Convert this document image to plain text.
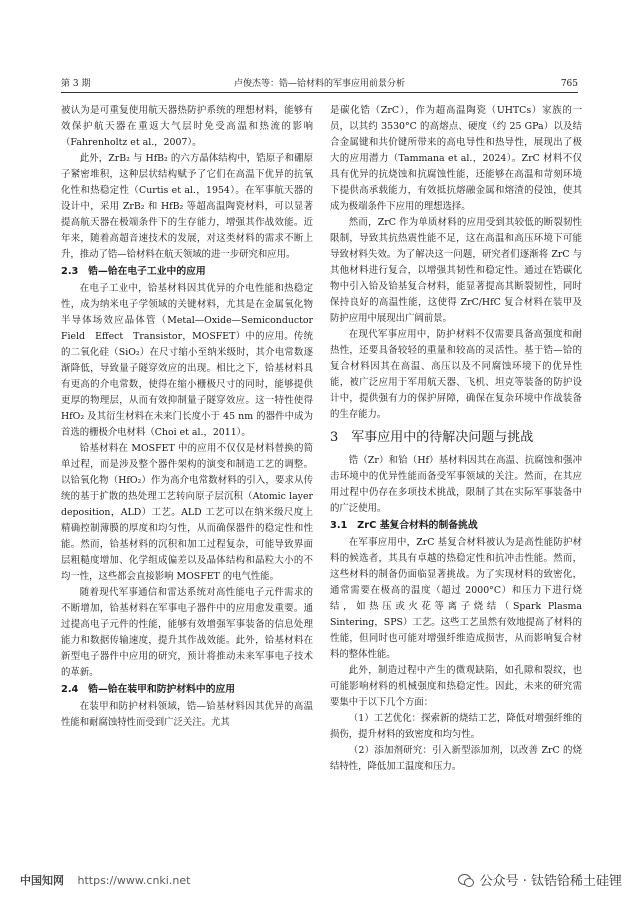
第 3 期	卢俊杰等：锆—铪材料的军事应用前景分析	765

被认为是可重复使用航天器热防护系统的理想材料，能够有效保护航天器在重返大气层时免受高温和热流的影响（Fahrenholtz et al.，2007）。

此外，ZrB₂ 与 HfB₂ 的六方晶体结构中，锆原子和硼原子紧密堆积，这种层状结构赋予了它们在高温下优异的抗氧化性和热稳定性（Curtis et al.，1954）。在军事航天器的设计中，采用 ZrB₂ 和 HfB₂ 等超高温陶瓷材料，可以显著提高航天器在极端条件下的生存能力，增强其作战效能。近年来，随着高超音速技术的发展，对这类材料的需求不断上升，推动了锆—铪材料在航天领域的进一步研究和应用。

2.3　锆—铪在电子工业中的应用

在电子工业中，铪基材料因其优异的介电性能和热稳定性，成为纳米电子学领域的关键材料，尤其是在金属氧化物半导体场效应晶体管（Metal—Oxide—Semiconductor　Field　Effect　Transistor，MOSFET）中的应用。传统的二氧化硅（SiO₂）在尺寸缩小至纳米级时，其介电常数逐渐降低，导致量子隧穿效应的出现。相比之下，铪基材料具有更高的介电常数，使得在缩小栅极尺寸的同时，能够提供更厚的物理层，从而有效抑制量子隧穿效应。这一特性使得 HfO₂ 及其衍生材料在未来门长度小于 45 nm 的器件中成为首选的栅极介电材料（Choi et al.，2011）。

铪基材料在 MOSFET 中的应用不仅仅是材料替换的简单过程，而是涉及整个器件架构的演变和制造工艺的调整。以铪氧化物（HfO₂）作为高介电常数材料的引入，要求从传统的基于扩散的热处理工艺转向原子层沉积（Atomic layer deposition，ALD）工艺。ALD 工艺可以在纳米级尺度上精确控制薄膜的厚度和均匀性，从而确保器件的稳定性和性能。然而，铪基材料的沉积和加工过程复杂，可能导致界面层粗糙度增加、化学组成偏差以及晶体结构和晶粒大小的不均一性，这些都会直接影响 MOSFET 的电气性能。

随着现代军事通信和雷达系统对高性能电子元件需求的不断增加，铪基材料在军事电子器件中的应用愈发重要。通过提高电子元件的性能，能够有效增强军事装备的信息处理能力和数据传输速度，提升其作战效能。此外，铪基材料在新型电子器件中应用的研究，预计将推动未来军事电子技术的革新。

2.4　锆—铪在装甲和防护材料中的应用

在装甲和防护材料领域，锆—铪基材料因其优异的高温性能和耐腐蚀特性而受到广泛关注。尤其

是碳化锆（ZrC），作为超高温陶瓷（UHTCs）家族的一员，以其约 3530°C 的高熔点、硬度（约 25 GPa）以及结合金属键和共价键所带来的高电导性和热导性，展现出了极大的应用潜力（Tammana et al.，2024）。ZrC 材料不仅具有优异的抗烧蚀和抗腐蚀性能，还能够在高温和苛刻环境下提供高承载能力，有效抵抗熔融金属和熔渣的侵蚀，使其成为极端条件下应用的理想选择。

然而，ZrC 作为单质材料的应用受到其较低的断裂韧性限制，导致其抗热震性能不足，这在高温和高压环境下可能导致材料失效。为了解决这一问题，研究者们逐渐将 ZrC 与其他材料进行复合，以增强其韧性和稳定性。通过在锆碳化物中引入铪及铪基复合材料，能显著提高其断裂韧性，同时保持良好的高温性能，这使得 ZrC/HfC 复合材料在装甲及防护应用中展现出广阔前景。

在现代军事应用中，防护材料不仅需要具备高强度和耐热性，还要具备较轻的重量和较高的灵活性。基于锆—铪的复合材料因其在高温、高压以及不同腐蚀环境下的优异性能，被广泛应用于军用航天器、飞机、坦克等装备的防护设计中，提供强有力的保护屏障，确保在复杂环境中作战装备的生存能力。

3　军事应用中的待解决问题与挑战

锆（Zr）和铪（Hf）基材料因其在高温、抗腐蚀和强冲击环境中的优异性能而备受军事领域的关注。然而，在其应用过程中仍存在多项技术挑战，限制了其在实际军事装备中的广泛使用。

3.1　ZrC 基复合材料的制备挑战

在军事应用中，ZrC 基复合材料被认为是高性能防护材料的候选者，其具有卓越的热稳定性和抗冲击性能。然而，这些材料的制备仍面临显著挑战。为了实现材料的致密化，通常需要在极高的温度（超过 2000°C）和压力下进行烧结，如热压或火花等离子烧结（Spark Plasma Sintering，SPS）工艺。这些工艺虽然有效地提高了材料的性能，但同时也可能对增强纤维造成损害，从而影响复合材料的整体性能。

此外，制造过程中产生的微观缺陷，如孔隙和裂纹，也可能影响材料的机械强度和热稳定性。因此，未来的研究需要集中于以下几个方面：

（1）工艺优化：探索新的烧结工艺，降低对增强纤维的损伤，提升材料的致密度和均匀性。

（2）添加剂研究：引入新型添加剂，以改善 ZrC 的烧结特性，降低加工温度和压力。

中国知网 https://www.cnki.net	公众号 · 钛锆铪稀土硅锂
